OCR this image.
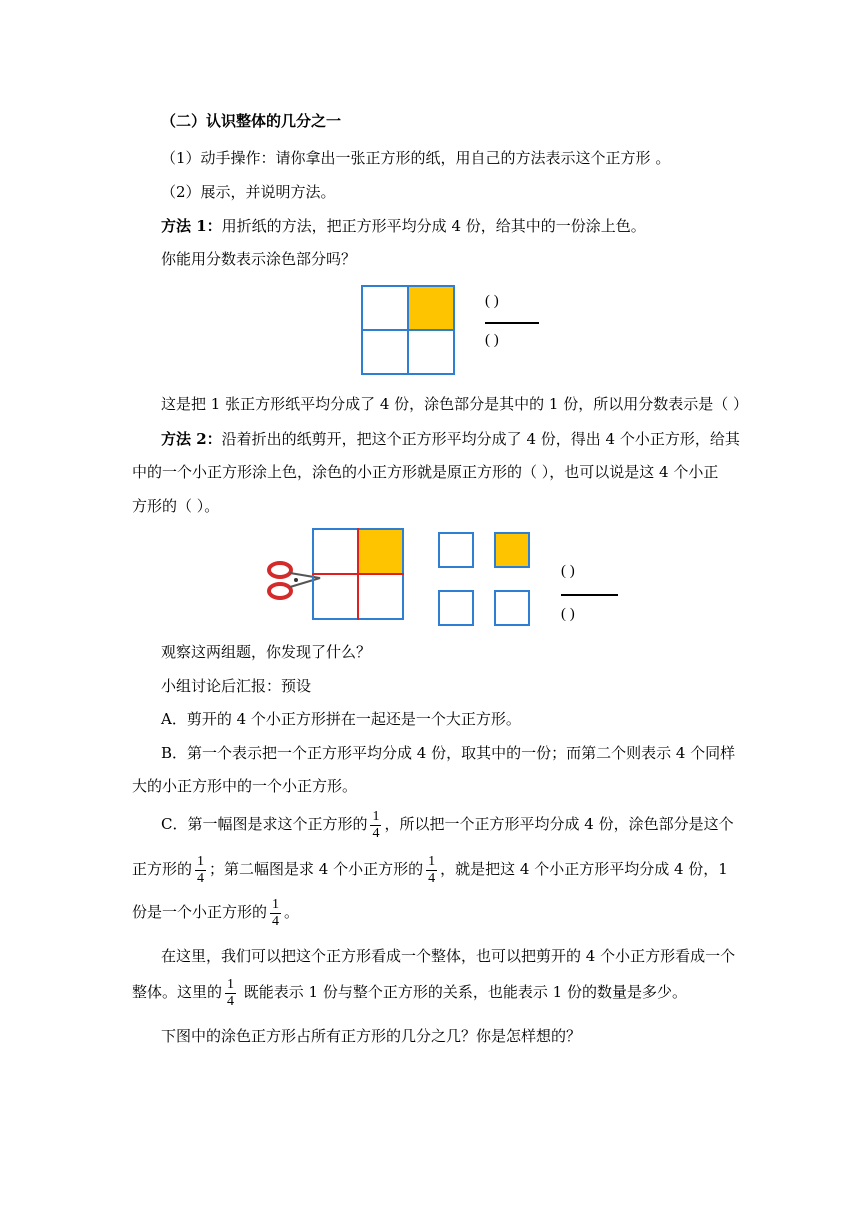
（二）认识整体的几分之一
（1）动手操作：请你拿出一张正方形的纸，用自己的方法表示这个正方形 。
（2）展示，并说明方法。
方法 1：用折纸的方法，把正方形平均分成 4 份，给其中的一份涂上色。
你能用分数表示涂色部分吗？
( )
( )
这是把 1 张正方形纸平均分成了 4 份，涂色部分是其中的 1 份，所以用分数表示是（ ）
方法 2：沿着折出的纸剪开，把这个正方形平均分成了 4 份，得出 4 个小正方形，给其
中的一个小正方形涂上色，涂色的小正方形就是原正方形的（ ），也可以说是这 4 个小正
方形的（ ）。
( )
( )
观察这两组题，你发现了什么？
小组讨论后汇报：预设
A．剪开的 4 个小正方形拼在一起还是一个大正方形。
B．第一个表示把一个正方形平均分成 4 份，取其中的一份；而第二个则表示 4 个同样
大的小正方形中的一个小正方形。
C．第一幅图是求这个正方形的 $\frac{1}{4}$ ，所以把一个正方形平均分成 4 份，涂色部分是这个
正方形的 $\frac{1}{4}$ ；第二幅图是求 4 个小正方形的 $\frac{1}{4}$ ，就是把这 4 个小正方形平均分成 4 份，1
份是一个小正方形的 $\frac{1}{4}$ 。
在这里，我们可以把这个正方形看成一个整体，也可以把剪开的 4 个小正方形看成一个
整体。这里的 $\frac{1}{4}$ 既能表示 1 份与整个正方形的关系，也能表示 1 份的数量是多少。
下图中的涂色正方形占所有正方形的几分之几？你是怎样想的？
